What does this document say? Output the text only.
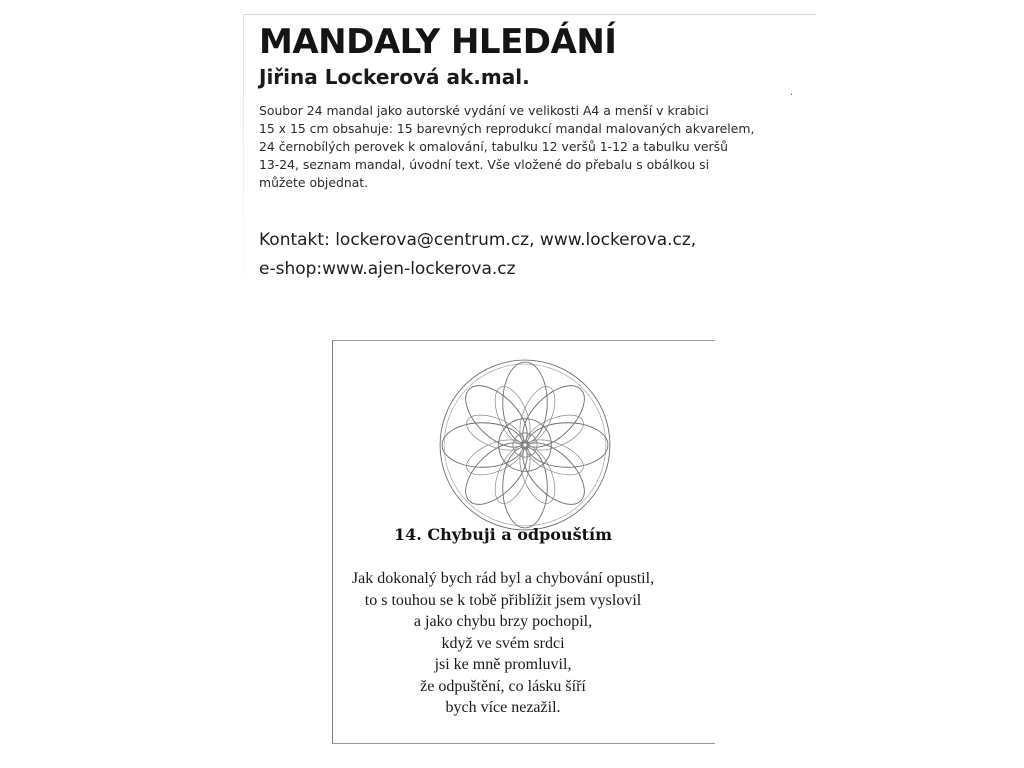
MANDALY HLEDÁNÍ
Jiřina Lockerová ak.mal.
·

Soubor 24 mandal jako autorské vydání ve velikosti A4 a menší v krabici
15 x 15 cm obsahuje: 15 barevných reprodukcí mandal malovaných akvarelem,
24 černobílých perovek k omalování, tabulku 12 veršů 1-12 a tabulku veršů
13-24, seznam mandal, úvodní text. Vše vložené do přebalu s obálkou si
můžete objednat.

Kontakt: lockerova@centrum.cz, www.lockerova.cz,
e-shop:www.ajen-lockerova.cz

14. Chybuji a odpouštím

Jak dokonalý bych rád byl a chybování opustil,
to s touhou se k tobě přiblížit jsem vyslovil
a jako chybu brzy pochopil,
když ve svém srdci
jsi ke mně promluvil,
že odpuštění, co lásku šíří
bych více nezažil.
